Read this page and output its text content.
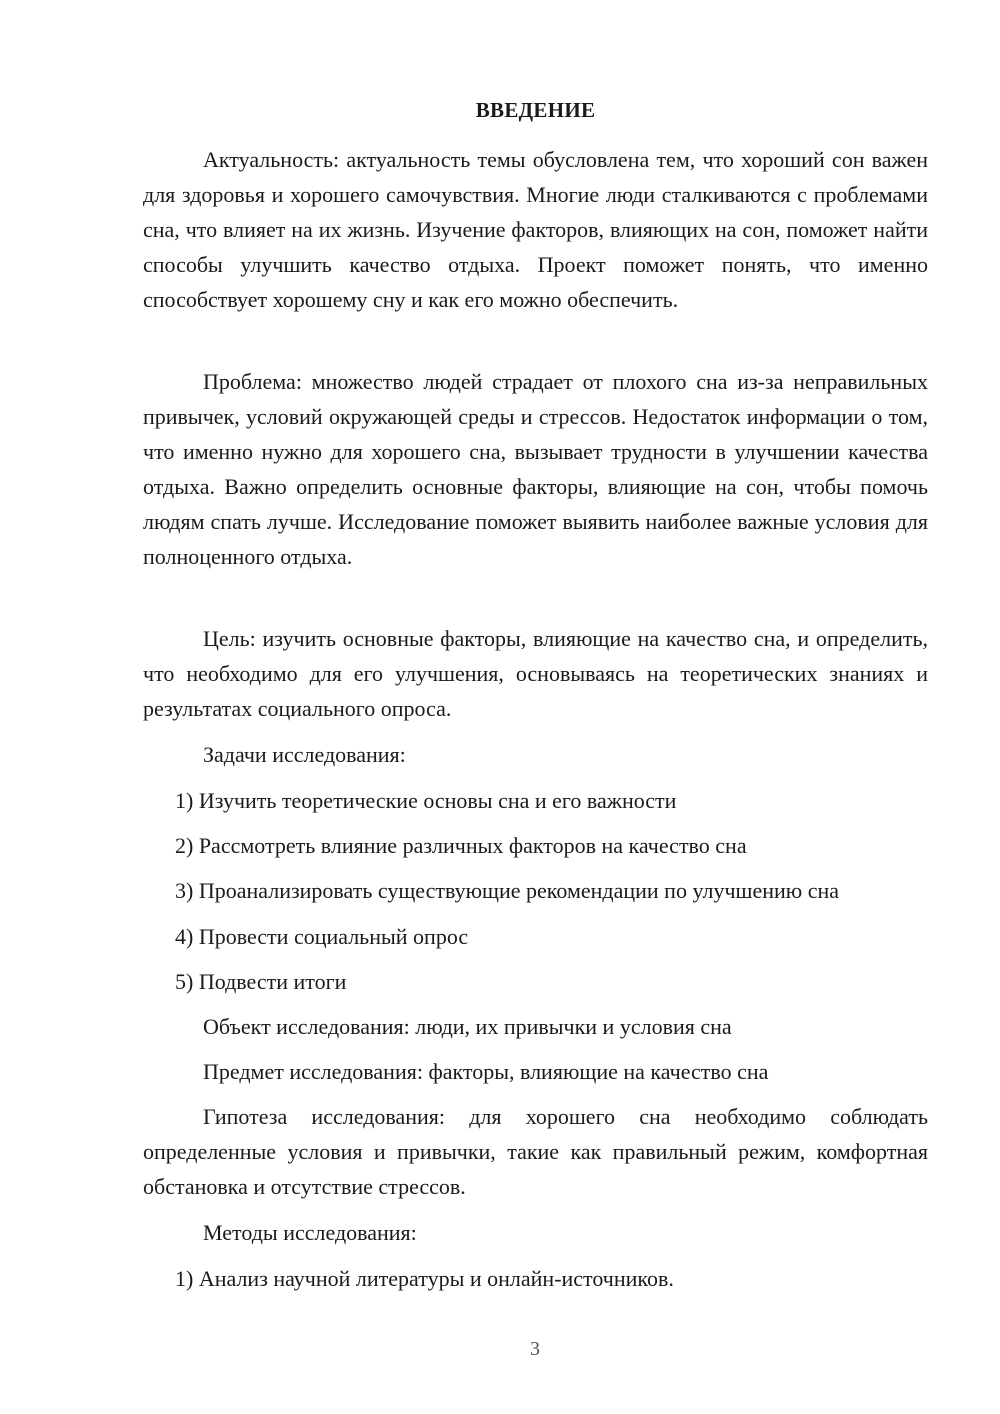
ВВЕДЕНИЕ

Актуальность: актуальность темы обусловлена тем, что хороший сон важен для здоровья и хорошего самочувствия. Многие люди сталкиваются с проблемами сна, что влияет на их жизнь. Изучение факторов, влияющих на сон, поможет найти способы улучшить качество отдыха. Проект поможет понять, что именно способствует хорошему сну и как его можно обеспечить.

Проблема: множество людей страдает от плохого сна из-за неправильных привычек, условий окружающей среды и стрессов. Недостаток информации о том, что именно нужно для хорошего сна, вызывает трудности в улучшении качества отдыха. Важно определить основные факторы, влияющие на сон, чтобы помочь людям спать лучше. Исследование поможет выявить наиболее важные условия для полноценного отдыха.

Цель: изучить основные факторы, влияющие на качество сна, и определить, что необходимо для его улучшения, основываясь на теоретических знаниях и результатах социального опроса.

Задачи исследования:
1) Изучить теоретические основы сна и его важности
2) Рассмотреть влияние различных факторов на качество сна
3) Проанализировать существующие рекомендации по улучшению сна
4) Провести социальный опрос
5) Подвести итоги
Объект исследования: люди, их привычки и условия сна
Предмет исследования: факторы, влияющие на качество сна

Гипотеза исследования: для хорошего сна необходимо соблюдать определенные условия и привычки, такие как правильный режим, комфортная обстановка и отсутствие стрессов.

Методы исследования:
1) Анализ научной литературы и онлайн-источников.
3
